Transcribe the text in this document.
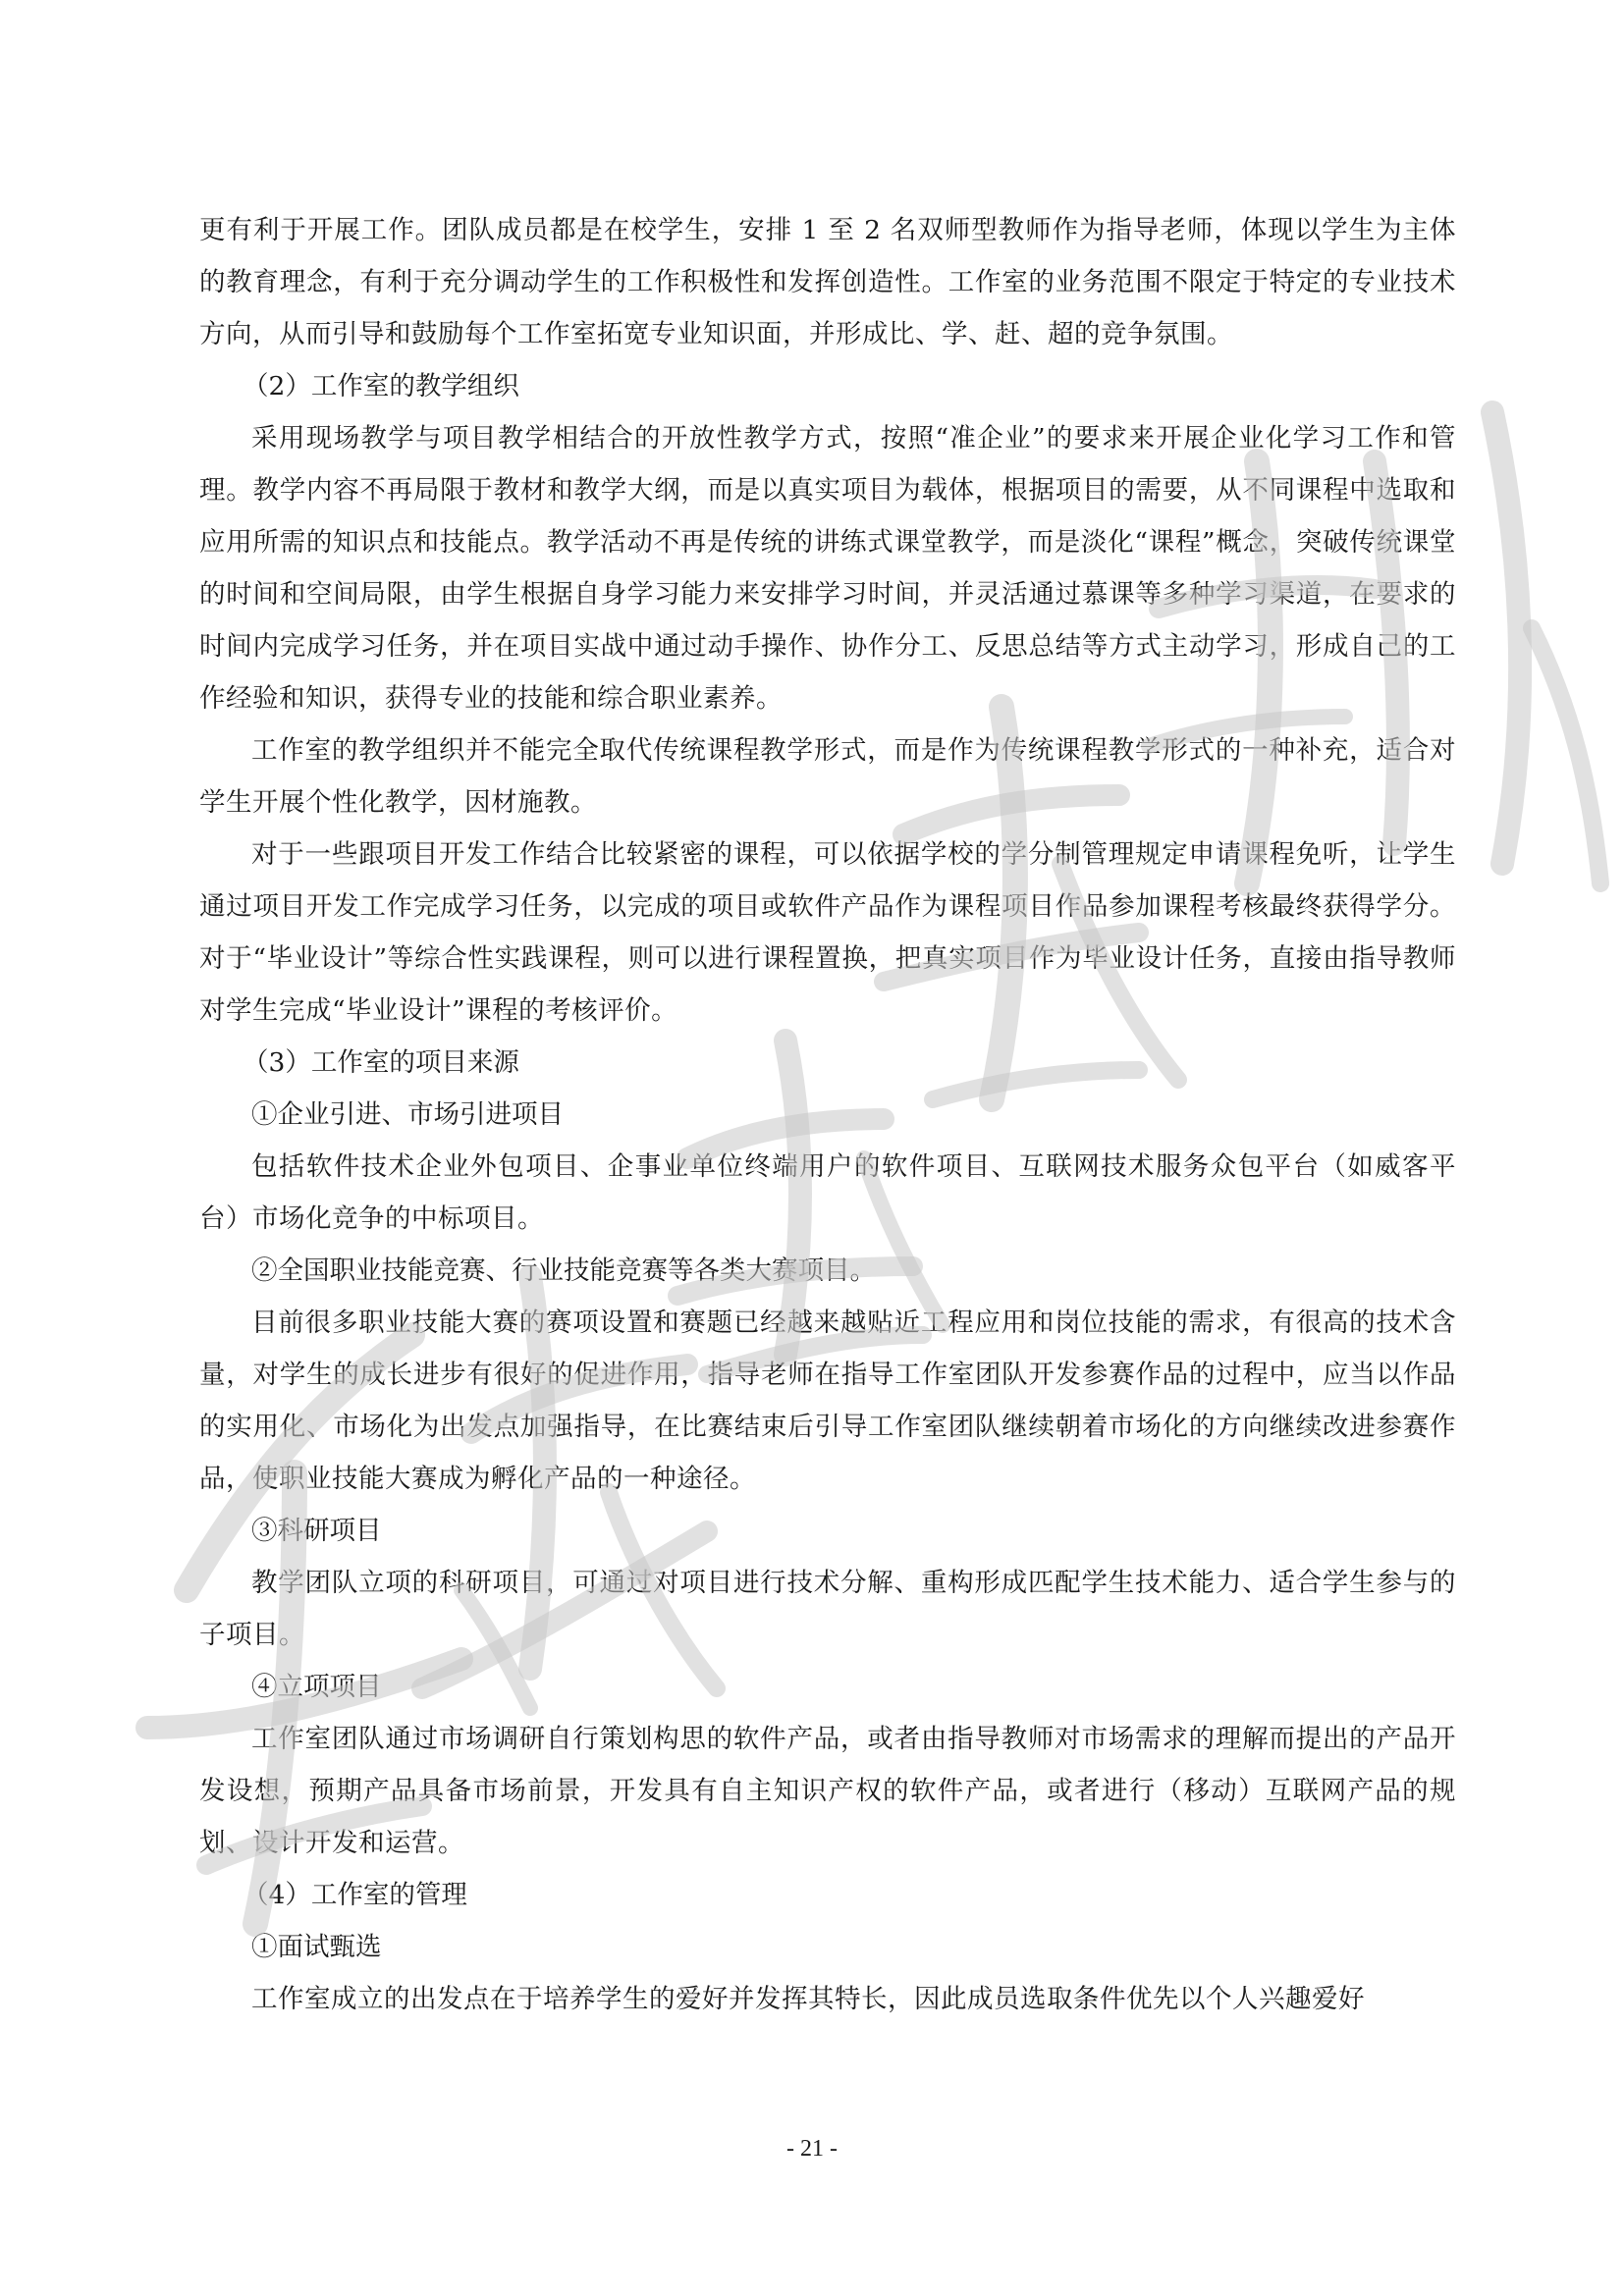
更有利于开展工作。团队成员都是在校学生，安排 1 至 2 名双师型教师作为指导老师，体现以学生为主体的教育理念，有利于充分调动学生的工作积极性和发挥创造性。工作室的业务范围不限定于特定的专业技术方向，从而引导和鼓励每个工作室拓宽专业知识面，并形成比、学、赶、超的竞争氛围。

（2）工作室的教学组织

采用现场教学与项目教学相结合的开放性教学方式，按照“准企业”的要求来开展企业化学习工作和管理。教学内容不再局限于教材和教学大纲，而是以真实项目为载体，根据项目的需要，从不同课程中选取和应用所需的知识点和技能点。教学活动不再是传统的讲练式课堂教学，而是淡化“课程”概念，突破传统课堂的时间和空间局限，由学生根据自身学习能力来安排学习时间，并灵活通过慕课等多种学习渠道，在要求的时间内完成学习任务，并在项目实战中通过动手操作、协作分工、反思总结等方式主动学习，形成自己的工作经验和知识，获得专业的技能和综合职业素养。

工作室的教学组织并不能完全取代传统课程教学形式，而是作为传统课程教学形式的一种补充，适合对学生开展个性化教学，因材施教。

对于一些跟项目开发工作结合比较紧密的课程，可以依据学校的学分制管理规定申请课程免听，让学生通过项目开发工作完成学习任务，以完成的项目或软件产品作为课程项目作品参加课程考核最终获得学分。对于“毕业设计”等综合性实践课程，则可以进行课程置换，把真实项目作为毕业设计任务，直接由指导教师对学生完成“毕业设计”课程的考核评价。

（3）工作室的项目来源

①企业引进、市场引进项目

包括软件技术企业外包项目、企事业单位终端用户的软件项目、互联网技术服务众包平台（如威客平台）市场化竞争的中标项目。

②全国职业技能竞赛、行业技能竞赛等各类大赛项目。

目前很多职业技能大赛的赛项设置和赛题已经越来越贴近工程应用和岗位技能的需求，有很高的技术含量，对学生的成长进步有很好的促进作用，指导老师在指导工作室团队开发参赛作品的过程中，应当以作品的实用化、市场化为出发点加强指导，在比赛结束后引导工作室团队继续朝着市场化的方向继续改进参赛作品，使职业技能大赛成为孵化产品的一种途径。

③科研项目

教学团队立项的科研项目，可通过对项目进行技术分解、重构形成匹配学生技术能力、适合学生参与的子项目。

④立项项目

工作室团队通过市场调研自行策划构思的软件产品，或者由指导教师对市场需求的理解而提出的产品开发设想，预期产品具备市场前景，开发具有自主知识产权的软件产品，或者进行（移动）互联网产品的规划、设计开发和运营。

（4）工作室的管理

①面试甄选

工作室成立的出发点在于培养学生的爱好并发挥其特长，因此成员选取条件优先以个人兴趣爱好

- 21 -
